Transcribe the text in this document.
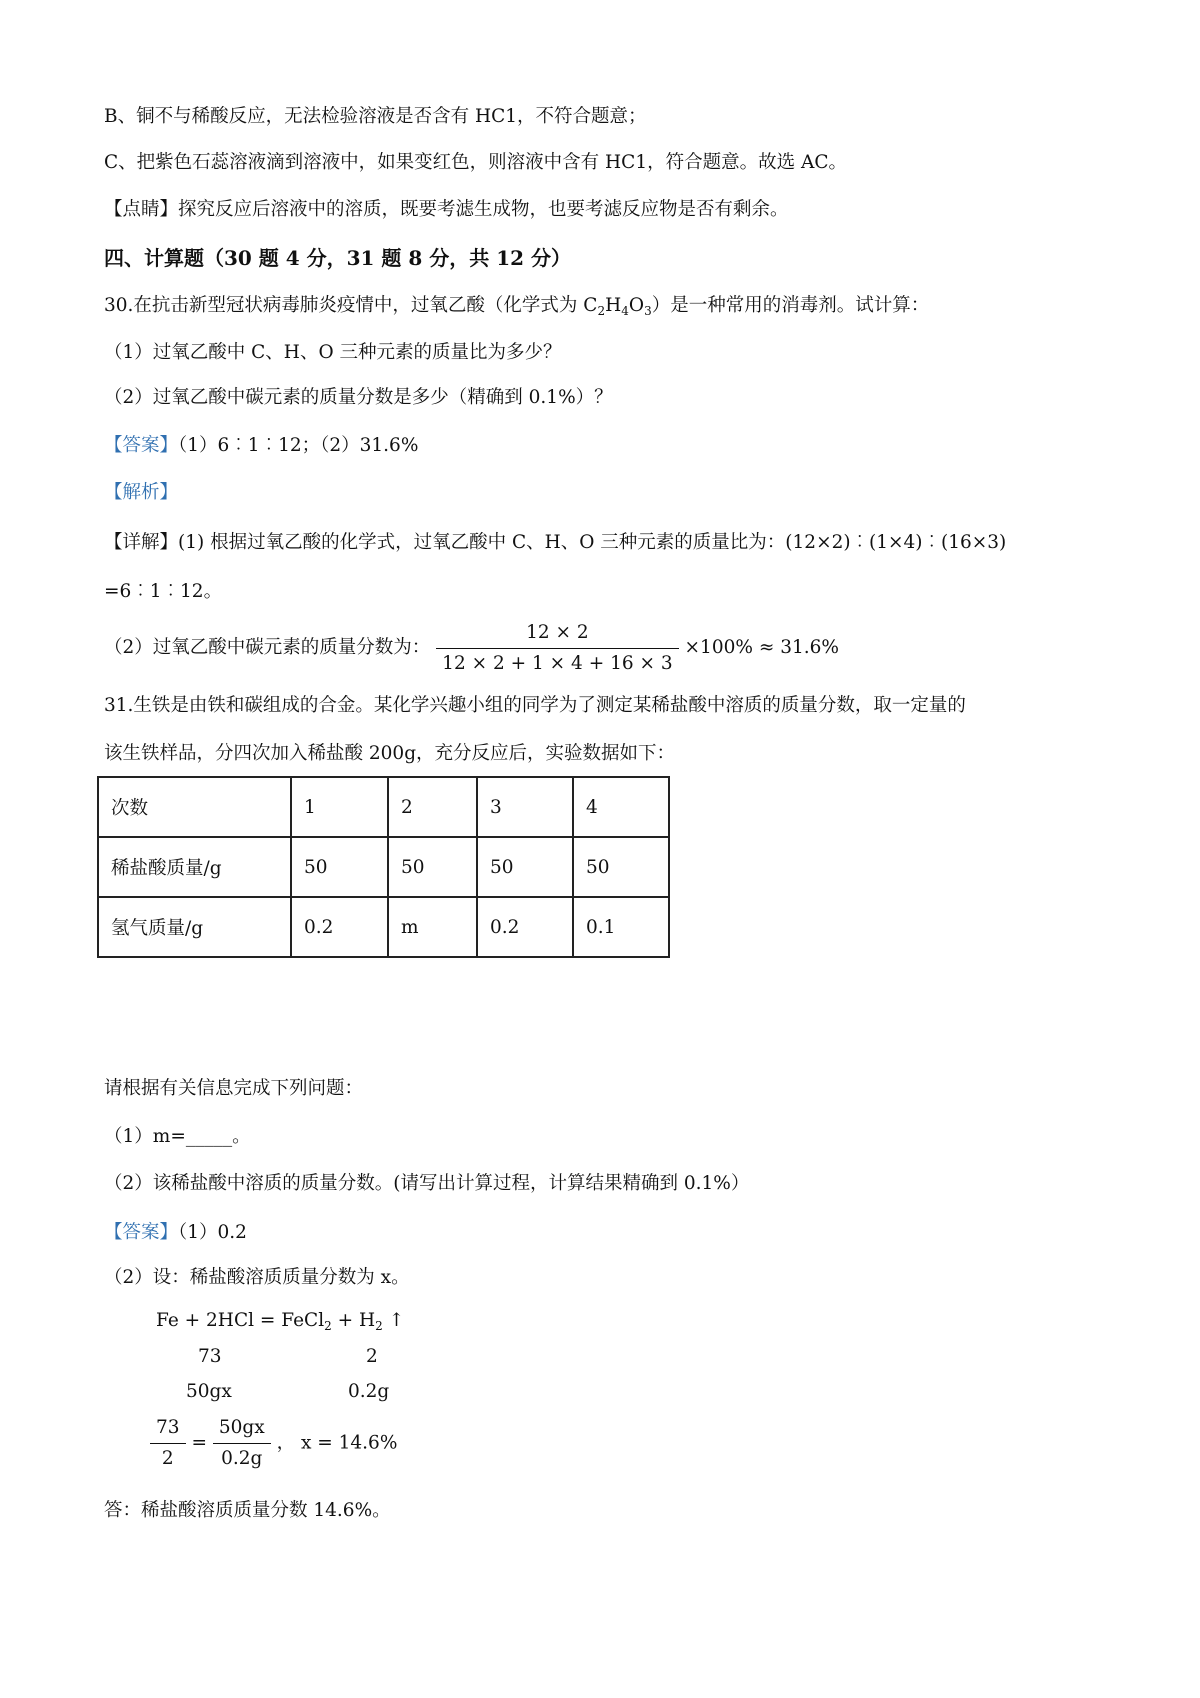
B、铜不与稀酸反应，无法检验溶液是否含有 HC1，不符合题意；
C、把紫色石蕊溶液滴到溶液中，如果变红色，则溶液中含有 HC1，符合题意。故选 AC。
【点睛】探究反应后溶液中的溶质，既要考滤生成物，也要考滤反应物是否有剩余。
四、计算题（30 题 4 分，31 题 8 分，共 12 分）
30.在抗击新型冠状病毒肺炎疫情中，过氧乙酸（化学式为 $C_2H_4O_3$）是一种常用的消毒剂。试计算：
（1）过氧乙酸中 C、H、O 三种元素的质量比为多少？
（2）过氧乙酸中碳元素的质量分数是多少（精确到 0.1%）？
【答案】（1）6︰1︰12；（2）31.6%
【解析】
【详解】(1) 根据过氧乙酸的化学式，过氧乙酸中 C、H、O 三种元素的质量比为：(12×2)︰(1×4)︰(16×3)
=6︰1︰12。
（2）过氧乙酸中碳元素的质量分数为： $\frac{12 \times 2}{12 \times 2 + 1 \times 4 + 16 \times 3} \times 100\% \approx 31.6\%$
31.生铁是由铁和碳组成的合金。某化学兴趣小组的同学为了测定某稀盐酸中溶质的质量分数，取一定量的
该生铁样品，分四次加入稀盐酸 200g，充分反应后，实验数据如下：
次数	1	2	3	4
稀盐酸质量/g	50	50	50	50
氢气质量/g	0.2	m	0.2	0.1
请根据有关信息完成下列问题：
（1）m=_____。
（2）该稀盐酸中溶质的质量分数。(请写出计算过程，计算结果精确到 0.1%）
【答案】（1）0.2
（2）设：稀盐酸溶质质量分数为 x。
Fe + 2HCl = FeCl$_2$ + $H_2$ ↑
73	2
50gx	0.2g
$\frac{73}{2} = \frac{50gx}{0.2g}$ ， x = 14.6%
答：稀盐酸溶质质量分数 14.6%。
